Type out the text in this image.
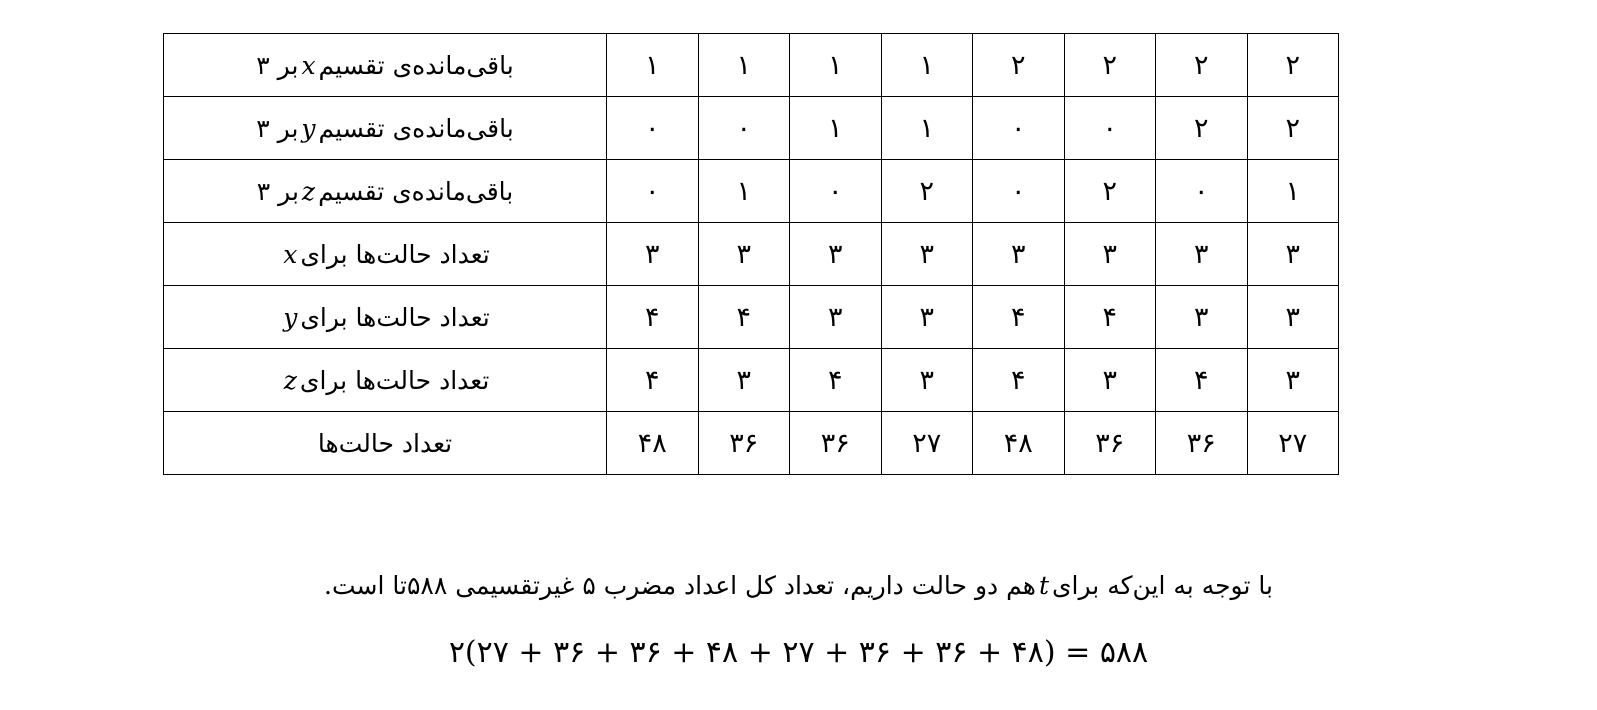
۲	۲	۲	۲	۱	۱	۱	۱	باقی‌مانده‌ی تقسیمxبر ۳
۲	۲	۰	۰	۱	۱	۰	۰	باقی‌مانده‌ی تقسیمyبر ۳
۱	۰	۲	۰	۲	۰	۱	۰	باقی‌مانده‌ی تقسیمzبر ۳
۳	۳	۳	۳	۳	۳	۳	۳	تعداد حالت‌ها برایx
۳	۳	۴	۴	۳	۳	۴	۴	تعداد حالت‌ها برایy
۳	۴	۳	۴	۳	۴	۳	۴	تعداد حالت‌ها برایz
۲۷	۳۶	۳۶	۴۸	۲۷	۳۶	۳۶	۴۸	تعداد حالت‌ها
با توجه به این‌که برایtهم دو حالت داریم، تعداد کل اعداد مضرب ۵ غیرتقسیمی ۵۸۸تا است.
۲(۲۷ + ۳۶ + ۳۶ + ۴۸ + ۲۷ + ۳۶ + ۳۶ + ۴۸) = ۵۸۸
